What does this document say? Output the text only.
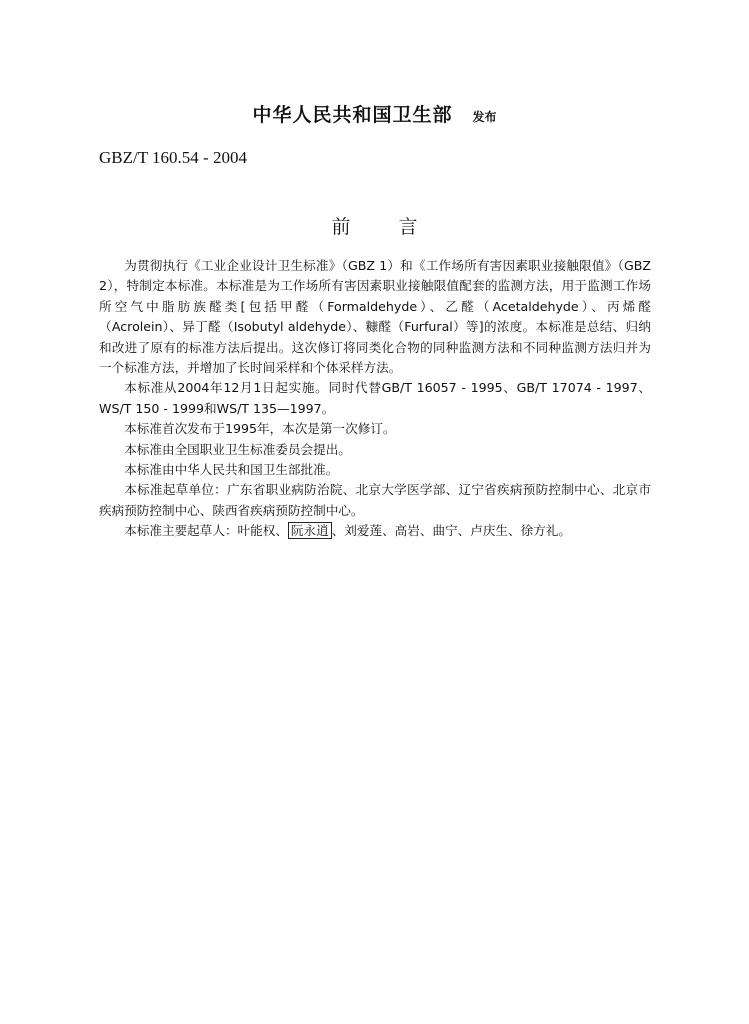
中华人民共和国卫生部 发布
GBZ/T 160.54 - 2004
前	言

为贯彻执行《工业企业设计卫生标准》（GBZ 1）和《工作场所有害因素职业接触限值》（GBZ 2），特制定本标准。本标准是为工作场所有害因素职业接触限值配套的监测方法，用于监测工作场所空气中脂肪族醛类[包括甲醛（Formaldehyde）、乙醛（Acetaldehyde）、丙烯醛（Acrolein）、异丁醛（Isobutyl aldehyde）、糠醛（Furfural）等]的浓度。本标准是总结、归纳和改进了原有的标准方法后提出。这次修订将同类化合物的同种监测方法和不同种监测方法归并为一个标准方法，并增加了长时间采样和个体采样方法。

本标准从2004年12月1日起实施。同时代替GB/T 16057 - 1995、GB/T 17074 - 1997、WS/T 150 - 1999和WS/T 135—1997。

本标准首次发布于1995年，本次是第一次修订。

本标准由全国职业卫生标准委员会提出。

本标准由中华人民共和国卫生部批准。

本标准起草单位：广东省职业病防治院、北京大学医学部、辽宁省疾病预防控制中心、北京市疾病预防控制中心、陕西省疾病预防控制中心。

本标准主要起草人：叶能权、 阮永逍 、刘爱莲、高岩、曲宁、卢庆生、徐方礼。
